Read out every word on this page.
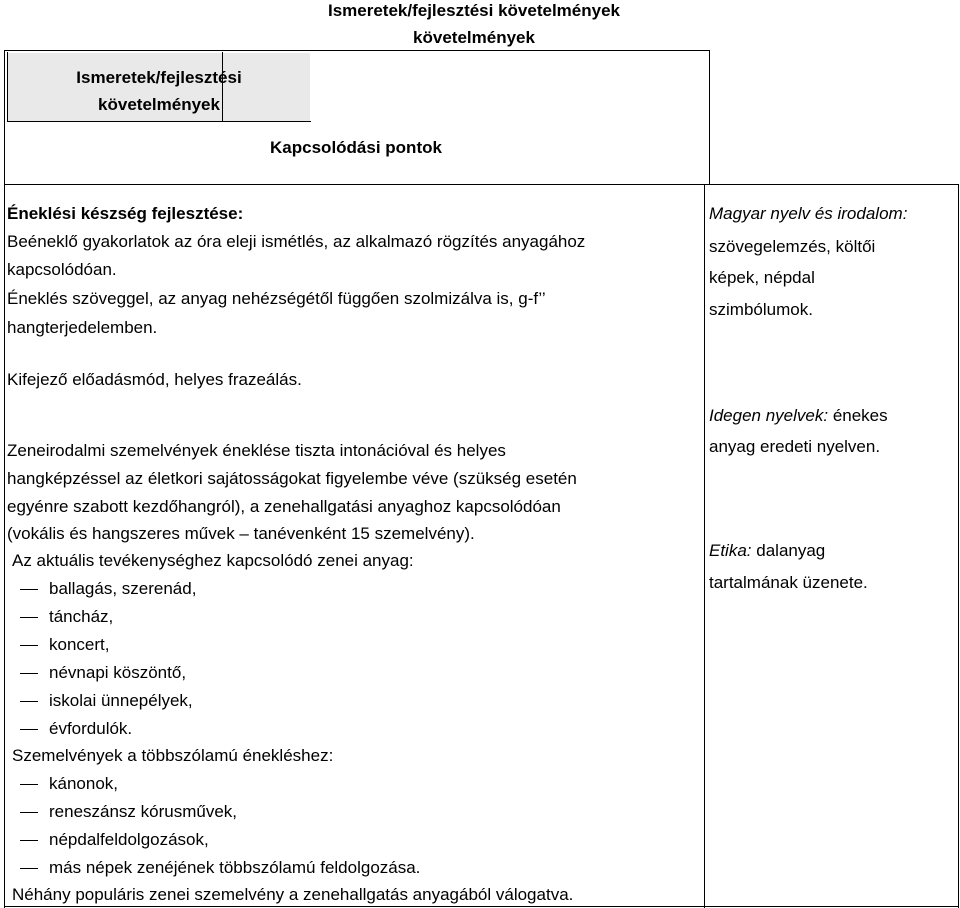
Ismeretek/fejlesztési követelmények
követelmények
Ismeretek/fejlesztési
követelmények
Kapcsolódási pontok
Éneklési készség fejlesztése:
Beéneklő gyakorlatok az óra eleji ismétlés, az alkalmazó rögzítés anyagához
kapcsolódóan.
Éneklés szöveggel, az anyag nehézségétől függően szolmizálva is, g-f’’
hangterjedelemben.
Kifejező előadásmód, helyes frazeálás.
Zeneirodalmi szemelvények éneklése tiszta intonációval és helyes
hangképzéssel az életkori sajátosságokat figyelembe véve (szükség esetén
egyénre szabott kezdőhangról), a zenehallgatási anyaghoz kapcsolódóan
(vokális és hangszeres művek – tanévenként 15 szemelvény).
Az aktuális tevékenységhez kapcsolódó zenei anyag:
ballagás, szerenád,
táncház,
koncert,
névnapi köszöntő,
iskolai ünnepélyek,
évfordulók.
Szemelvények a többszólamú énekléshez:
kánonok,
reneszánsz kórusművek,
népdalfeldolgozások,
más népek zenéjének többszólamú feldolgozása.
Néhány populáris zenei szemelvény a zenehallgatás anyagából válogatva.
Magyar nyelv és irodalom:
szövegelemzés, költői
képek, népdal
szimbólumok.
Idegen nyelvek: énekes
anyag eredeti nyelven.
Etika: dalanyag
tartalmának üzenete.
